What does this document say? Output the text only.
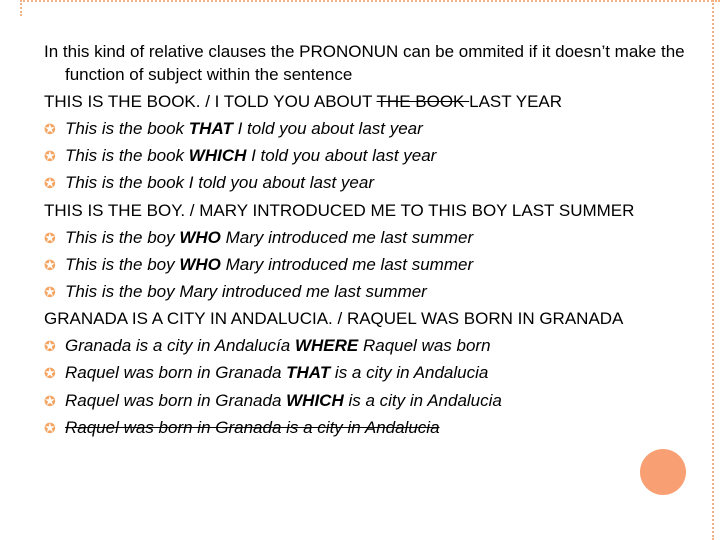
In this kind of relative clauses the PRONONUN can be ommited if it doesn’t make the function of subject within the sentence

THIS IS THE BOOK. / I TOLD YOU ABOUT THE BOOK LAST YEAR

✪ This is the book THAT I told you about last year

✪ This is the book WHICH I told you about last year

✪ This is the book I told you about last year

THIS IS THE BOY. / MARY INTRODUCED ME TO THIS BOY LAST SUMMER

✪ This is the boy WHO Mary introduced me last summer

✪ This is the boy WHO Mary introduced me last summer

✪ This is the boy Mary introduced me last summer

GRANADA IS A CITY IN ANDALUCIA. / RAQUEL WAS BORN IN GRANADA

✪ Granada is a city in Andalucía WHERE Raquel was born

✪ Raquel was born in Granada THAT is a city in Andalucia

✪ Raquel was born in Granada WHICH is a city in Andalucia

✪ Raquel was born in Granada is a city in Andalucia
